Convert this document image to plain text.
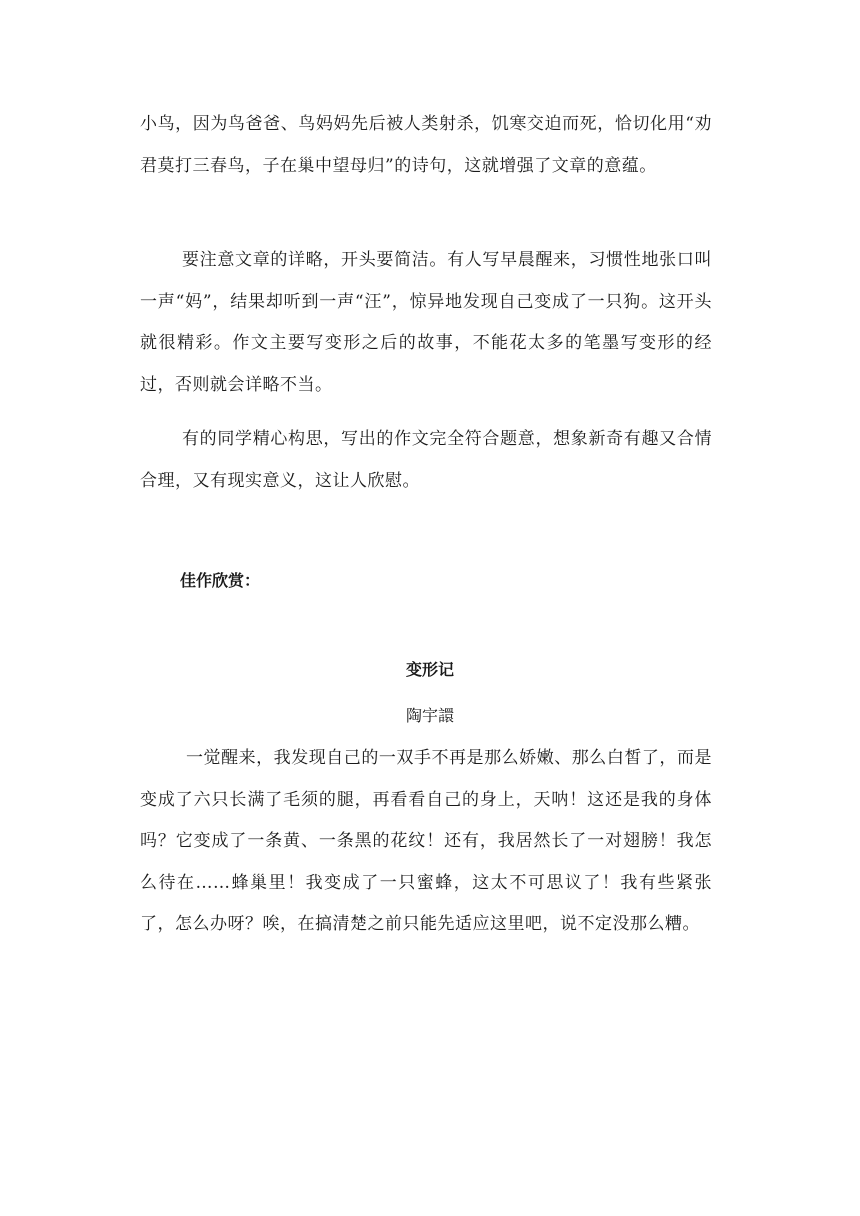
小鸟，因为鸟爸爸、鸟妈妈先后被人类射杀，饥寒交迫而死，恰切化用“劝君莫打三春鸟，子在巢中望母归”的诗句，这就增强了文章的意蕴。

要注意文章的详略，开头要简洁。有人写早晨醒来，习惯性地张口叫一声“妈”，结果却听到一声“汪”，惊异地发现自己变成了一只狗。这开头就很精彩。作文主要写变形之后的故事，不能花太多的笔墨写变形的经过，否则就会详略不当。

有的同学精心构思，写出的作文完全符合题意，想象新奇有趣又合情合理，又有现实意义，这让人欣慰。

佳作欣赏：

变形记

陶宇譞

一觉醒来，我发现自己的一双手不再是那么娇嫩、那么白皙了，而是变成了六只长满了毛须的腿，再看看自己的身上，天呐！这还是我的身体吗？它变成了一条黄、一条黑的花纹！还有，我居然长了一对翅膀！我怎么待在……蜂巢里！我变成了一只蜜蜂，这太不可思议了！我有些紧张了，怎么办呀？唉，在搞清楚之前只能先适应这里吧，说不定没那么糟。
